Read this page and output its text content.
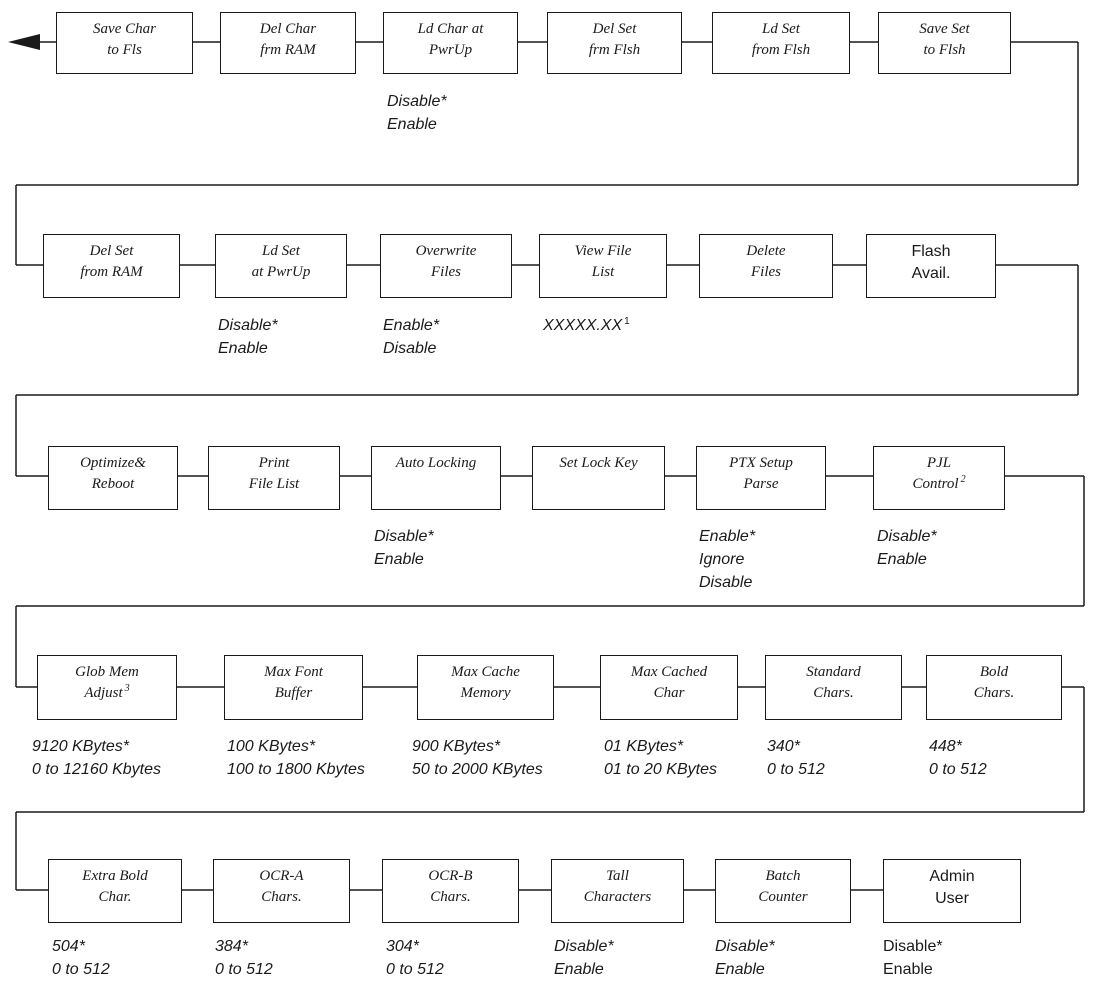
Save Char
to Fls
Del Char
frm RAM
Ld Char at
PwrUp
Disable*
Enable
Del Set
frm Flsh
Ld Set
from Flsh
Save Set
to Flsh
Del Set
from RAM
Ld Set
at PwrUp
Disable*
Enable
Overwrite
Files
Enable*
Disable
View File
List
XXXXX.XX $^1$
Delete
Files
Flash
Avail.
Optimize&
Reboot
Print
File List
Auto Locking
Disable*
Enable
Set Lock Key	PTX Setup
Parse
Enable*
Ignore
Disable
PJL
Control $^2$
Disable*
Enable
Glob Mem
Adjust $^3$
9120 KBytes*
0 to 12160 Kbytes
Max Font
Buffer
100 KBytes*
100 to 1800 Kbytes
Max Cache
Memory
900 KBytes*
50 to 2000 KBytes
Max Cached
Char
01 KBytes*
01 to 20 KBytes
Standard
Chars.
340*
0 to 512
Bold
Chars.
448*
0 to 512
Extra Bold
Char.
504*
0 to 512
OCR-A
Chars.
384*
0 to 512
OCR-B
Chars.
304*
0 to 512
Tall
Characters
Disable*
Enable
Batch
Counter
Disable*
Enable
Admin
User
Disable*
Enable
